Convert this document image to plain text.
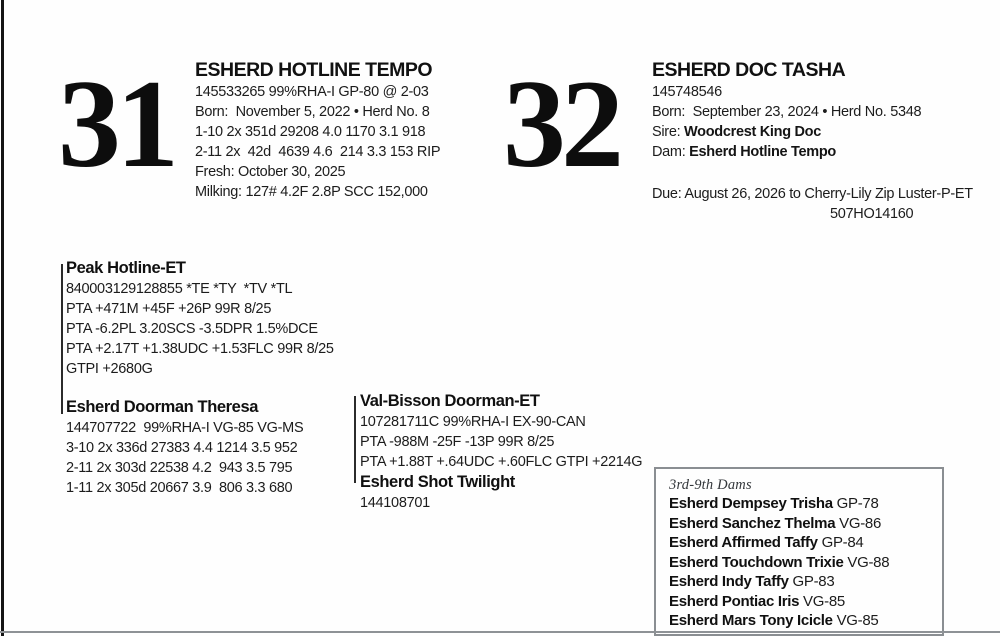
31 ESHERD HOTLINE TEMPO
145533265 99%RHA-I GP-80 @ 2-03
Born:  November 5, 2022 • Herd No. 8
1-10 2x 351d 29208 4.0 1170 3.1 918
2-11 2x  42d  4639 4.6  214 3.3 153 RIP
Fresh: October 30, 2025
Milking: 127# 4.2F 2.8P SCC 152,000 32 ESHERD DOC TASHA
145748546
Born:  September 23, 2024 • Herd No. 5348
Sire: Woodcrest King Doc
Dam: Esherd Hotline Tempo
Due: August 26, 2026 to Cherry-Lily Zip Luster-P-ET
507HO14160
Peak Hotline-ET
840003129128855 *TE *TY  *TV *TL
PTA +471M +45F +26P 99R 8/25
PTA -6.2PL 3.20SCS -3.5DPR 1.5%DCE
PTA +2.17T +1.38UDC +1.53FLC 99R 8/25
GTPI +2680G
Esherd Doorman Theresa
144707722  99%RHA-I VG-85 VG-MS
3-10 2x 336d 27383 4.4 1214 3.5 952
2-11 2x 303d 22538 4.2  943 3.5 795
1-11 2x 305d 20667 3.9  806 3.3 680
Val-Bisson Doorman-ET
107281711C 99%RHA-I EX-90-CAN
PTA -988M -25F -13P 99R 8/25
PTA +1.88T +.64UDC +.60FLC GTPI +2214G
Esherd Shot Twilight
144108701
3rd-9th Dams
Esherd Dempsey Trisha GP-78
Esherd Sanchez Thelma VG-86
Esherd Affirmed Taffy GP-84
Esherd Touchdown Trixie VG-88
Esherd Indy Taffy GP-83
Esherd Pontiac Iris VG-85
Esherd Mars Tony Icicle VG-85
